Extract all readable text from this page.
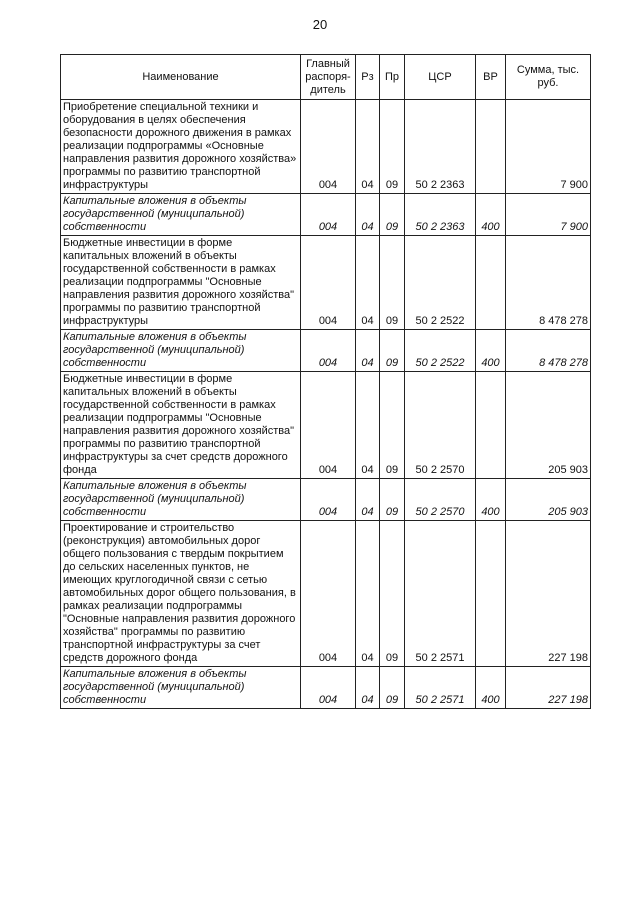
20
Наименование	Главный распоря-дитель	Рз	Пр	ЦСР	ВР	Сумма, тыс. руб.
Приобретение специальной техники и оборудования в целях обеспечения безопасности дорожного движения в рамках реализации подпрограммы «Основные направления развития дорожного хозяйства» программы по развитию транспортной инфраструктуры	004	04	09	50 2 2363		7 900
Капитальные вложения в объекты государственной (муниципальной) собственности	004	04	09	50 2 2363	400	7 900
Бюджетные инвестиции в форме капитальных вложений в объекты государственной собственности в рамках реализации подпрограммы "Основные направления развития дорожного хозяйства" программы по развитию транспортной инфраструктуры	004	04	09	50 2 2522		8 478 278
Капитальные вложения в объекты государственной (муниципальной) собственности	004	04	09	50 2 2522	400	8 478 278
Бюджетные инвестиции в форме капитальных вложений в объекты государственной собственности в рамках реализации подпрограммы "Основные направления развития дорожного хозяйства" программы по развитию транспортной инфраструктуры за счет средств дорожного фонда	004	04	09	50 2 2570		205 903
Капитальные вложения в объекты государственной (муниципальной) собственности	004	04	09	50 2 2570	400	205 903
Проектирование и строительство (реконструкция) автомобильных дорог общего пользования с твердым покрытием до сельских населенных пунктов, не имеющих круглогодичной связи с сетью автомобильных дорог общего пользования, в рамках реализации подпрограммы "Основные направления развития дорожного хозяйства" программы по развитию транспортной инфраструктуры за счет средств дорожного фонда	004	04	09	50 2 2571		227 198
Капитальные вложения в объекты государственной (муниципальной) собственности	004	04	09	50 2 2571	400	227 198
